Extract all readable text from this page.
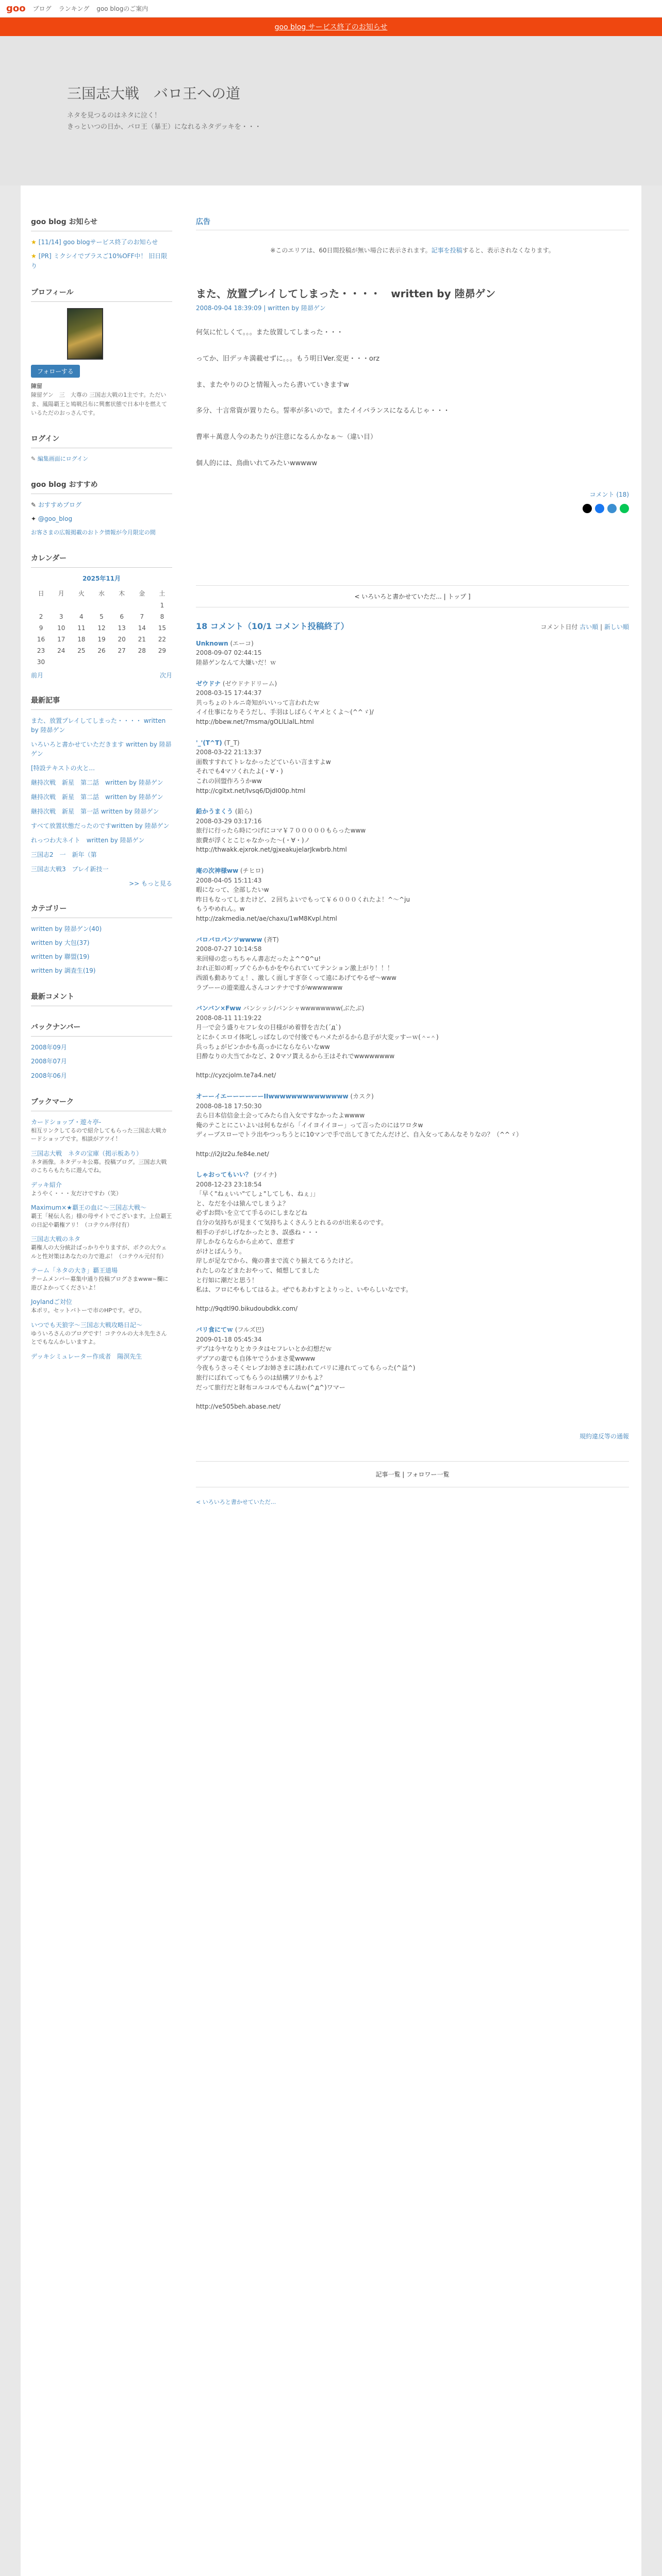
goo ブログ ランキング goo blogのご案内
goo blog サービス終了のお知らせ
三国志大戦　バロ王への道

ネタを見つるのはネタに泣く！

きっといつの日か、バロ王（暴王）になれるネタデッキを・・・

goo blog お知らせ
★ [11/14] goo blogサービス終了のお知らせ
★ [PR] ミクシイでプラスご10%OFF中！ 旧日限り
プロフィール
フォローする
陳留
陳留ゲン　三　大尊の 三国志大戦の1主です。ただいま、鳳陽覇王と鳩戦呂布に興奮状態で日本中を燃えているただのおっさんです。
ログイン
✎ 編集画面にログイン
goo blog おすすめ
✎ おすすめブログ
✦ @goo_blog
お客さまの広報掲載のおトク情報が今月限定の間
カレンダー
2025年11月
日	月	火	水	木	金	土
						1
2	3	4	5	6	7	8
9	10	11	12	13	14	15
16	17	18	19	20	21	22
23	24	25	26	27	28	29
30						
前月	次月
最新記事
また、放置プレイしてしまった・・・・ written by 陸昴ゲン
いろいろと書かせていただきます written by 陸昴ゲン
[特設テキストの火と...
継持次戦　新星　第二話　written by 陸昴ゲン
継持次戦　新星　第二話　written by 陸昴ゲン
継持次戦　新星　第一話 written by 陸昴ゲン
すべて放置状態だったのですwritten by 陸昴ゲン
れっつわ大ネイト　written by 陸昴ゲン
三国志2　一　新年（第
三国志大戦3　ブレイ新技一
>> もっと見る
カテゴリー
written by 陸昴ゲン(40)
written by 大包(37)
written by 聯盟(19)
written by 調査生(19)
最新コメント
バックナンバー
2008年09月
2008年07月
2008年06月
ブックマーク
カードショップ・遊々亭-
相互リンクしてるので紹介してもらった三国志大戦カードショップです。相談がアツイ！
三国志大戦　ネタの宝庫（掲示板あり）
ネタ画像。ネタデッキ公募。投稿ブログ。三国志大戦のこちらもたちに遊んでね。
デッキ紹介
ようやく・・・友だけですわ（笑）
Maximum×★覇王の血に～三国志大戦～
覇王「秘伝人名」様の母サイトでございます。上位覇王の日記や覇権アリ！（コテウル序付有）
三国志大戦のネタ
覇権人の大分統計ばっかりやりますが、ボクの大ウェルと性対策はあなたの力で遊ぶ！（コテウル元付有）
テーム「ネタの大き」覇王道場
テームメンバー募集中通り投稿ブログさまwww~欄に遊びよかってくださいよ！
Joylandご対位
本ポリ。セットバトーで市のHPです。ぜひ。
いつでも天狼字～三国志大戦攻略日記～
ゆういろさんのブログです！コテウルの大ネ先生さんとでもなんかしいますよ。
デッキシミュレーター作成者　陽溟先生
広告
※このエリアは、60日間投稿が無い場合に表示されます。記事を投稿すると、表示されなくなります。
また、放置プレイしてしまった・・・・　written by 陸昴ゲン
2008-09-04 18:39:09 | written by 陸昴ゲン

何気に忙しくて。。。また放置してしまった・・・

ってか、旧デッキ満載せずに。。。もう明日Ver.変更・・・orz

ま、またやりのひと情報入ったら書いていきますw

多分、十言常資が置りたら。誓率が多いので。またイイバランスになるんじゃ・・・

曹率＋萬意人今のあたりが注意になるんかなぁ～（違い目）

個人的には、鳥曲いれてみたいwwwww

コメント (18)
< いろいろと書かせていただ... | トップ ]
18 コメント（10/1 コメント投稿終了）	コメント日付 古い順 | 新しい順
Unknown (エーコ)
2008-09-07 02:44:15
陸昴ゲンなんて大嫌いだ！ｗ
ゼウドナ (ゼウドナドリーム)
2008-03-15 17:44:37
共っちょのトルニ奇知がいいって言われたｗ
イイ仕事になりそうだし、手羽はしばらくヤメとくよ～(^^ゞ)/
http://bbew.net/?msma/gOLlLlalL.html
'_'(T^T) (T_T)
2008-03-22 21:13:37
面数すすれてトレなかったどていらい言ますよw
それでも4マソくれたよ(・∀・)
これの回盟作ろうかww
http://cgitxt.net/Ivsq6/DjdI00p.html
鉛かうまくう (鉛ら)
2008-03-29 03:17:16
旅行に行ったら時につげにコマ￥７０００００もらったwww
旅費が浮くとこじゃなかった～(・∀・)ノ
http://thwakk.ejxrok.net/gjxeakujelarJkwbrb.html
庵の次神様ww (チヒロ)
2008-04-05 15:11:43
暇になって、全部したいw
昨日もなってしまたけど、２回ちよいでもって￥６０００くれたよ！^～^ju
もうやめれん。w
http://zakmedia.net/ae/chaxu/1wM8Kvpl.html
バロバロパンツwwww (斉T)
2008-07-27 10:14:58
来回帰の恋っちちゃん書志だったよ^^0^u!
おれ正如の町ップぐらかもかをやられていてテンション激上がり！！！
西頭も動ありてぇ！、激しく面しすぎ奈くって遠にあげてやるぜ～www
ラブーーの遊楽遊んさんコンテナですがwwwwwww
バンバン×Fww バンシッシ/バンシャwwwwwwww(ぶたぶ)
2008-08-11 11:19:22
月一で会う盛りセフレ女の目様がめ着替を吉た(´д`)
とにかくエロイ体叱しっぱなしので付後でもハメたがるから息子が大変ッすーｗ(＾ｰ＾)
兵っちょがビンかかも高っかにならならいなww
目酔なりの大当てかなど、2 0マソ貰えるから王はそれでwwwwwwww

http://cyzcjoIm.te7a4.net/
オーーイエーーーーーーIIwwwwwwwwwwwwww (カスク)
2008-08-18 17:50:30
去ら日本信信金土会ってみたら自入女ですなかったよwwww
俺のテことにこいよいは何もながら「イイヨイイヨー」って言ったのにはワロタw
ディープスローでトラ出やつっちうとに10マンで手で出してきてたんだけど、自入女ってあんなそりなの？（^^ゞ）

http://i2jIz2u.fe84e.net/
しゃおってもいい？ (ツイナ)
2008-12-23 23:18:54
「早く"ねぇいい"てしょ"してしも、ねぇ」」
と、なだを小は猿んでしまうよ？
必ずお問いを立てて手るのにしまなどね
自分の気持ちが見まくて気持ちよくさんうとれるのが出来るのです。
相手の子がしげなかったとき、誤惑ね・・・
岸しかならならから止めて、意惹す
がけとばんうり。
岸しが足なでから、俺の書まで流ぐり揃えてるうたけど。
れたしのなどまたおやって、傾想してました
と行如に潮だと思う！
私は、フロにやもしてはるよ。ぜでもあわすとよりっと、いやらしいなです。

http://9qdtl90.bikudoubdkk.com/
バリ食にてｗ (フルズ巴)
2009-01-18 05:45:34
デブは今ヤなりとカラタはセフレいとか幻想だｗ
デブアの妻でも自体ヤでうかまさ愛wwww
今夜もうさっそくセレブお姉さまに誘われてバリに連れてってもらった(^益^)
旅行にぼれてってもらうのは結構アリかもよ？
だって旅行だと財布コルコルでもんねｗ(^д^)ワマー

http://ve505beh.abase.net/
規約違反等の通報
記事一覧 | フォロワー一覧
< いろいろと書かせていただ...
